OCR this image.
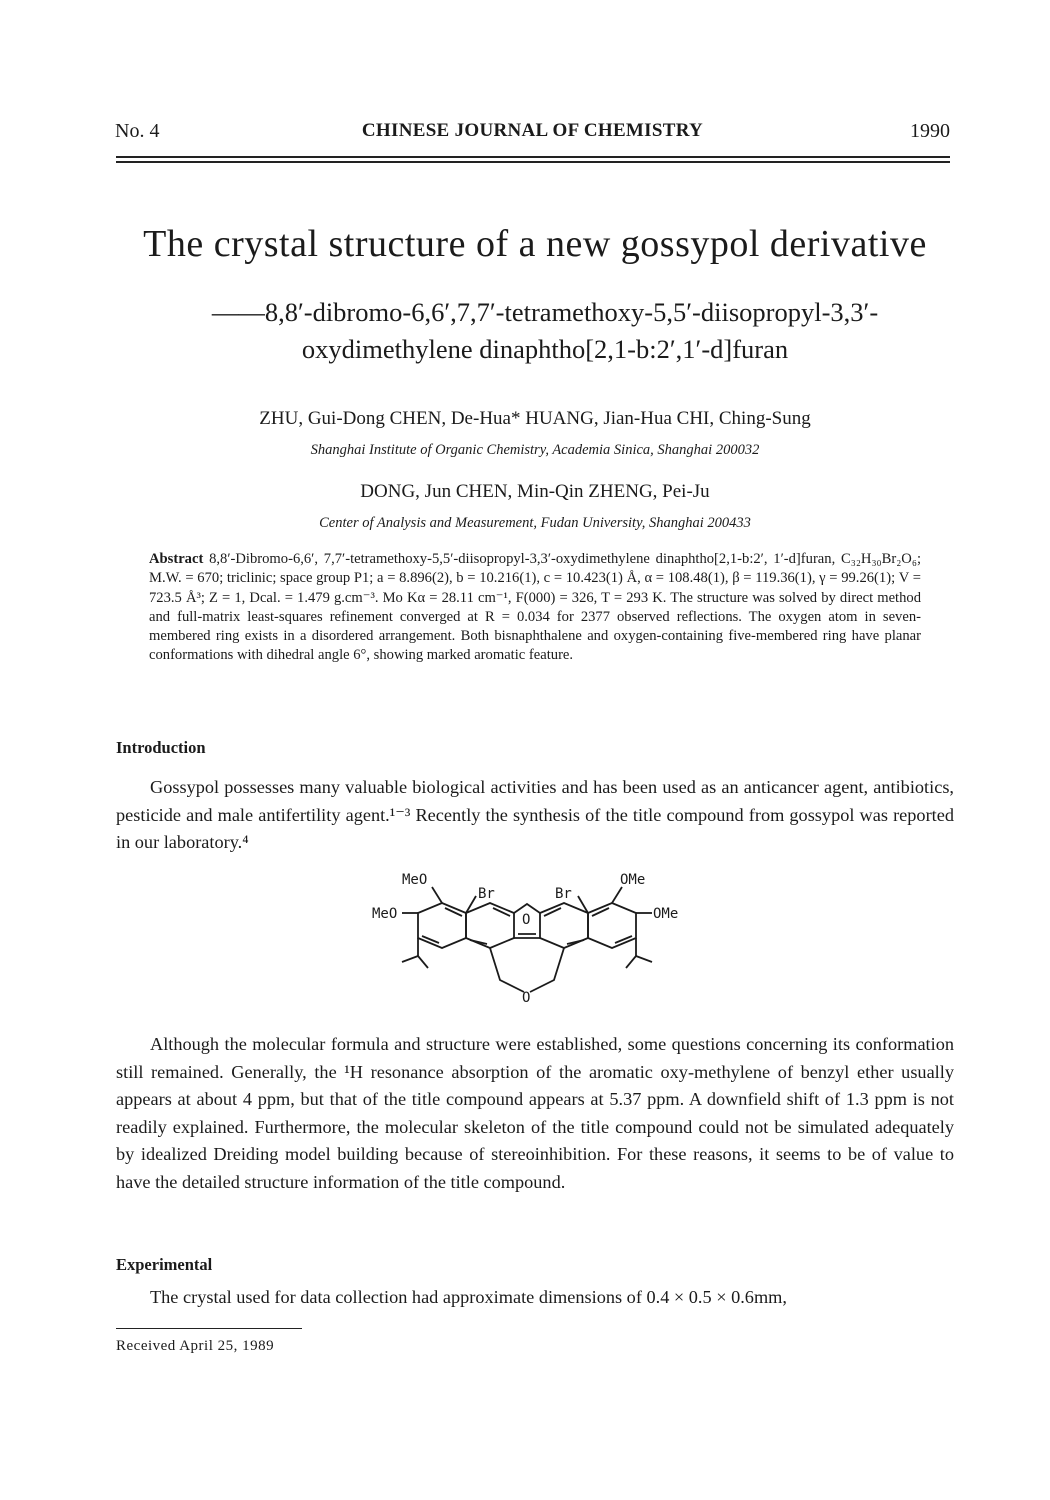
No. 4	CHINESE JOURNAL OF CHEMISTRY	1990
The crystal structure of a new gossypol derivative
——8,8′-dibromo-6,6′,7,7′-tetramethoxy-5,5′-diisopropyl-3,3′-
oxydimethylene dinaphtho[2,1-b:2′,1′-d]furan
ZHU, Gui-Dong CHEN, De-Hua* HUANG, Jian-Hua CHI, Ching-Sung
Shanghai Institute of Organic Chemistry, Academia Sinica, Shanghai 200032
DONG, Jun CHEN, Min-Qin ZHENG, Pei-Ju
Center of Analysis and Measurement, Fudan University, Shanghai 200433
Abstract 8,8′-Dibromo-6,6′, 7,7′-tetramethoxy-5,5′-diisopropyl-3,3′-oxydimethylene dinaphtho[2,1-b:2′, 1′-d]furan, C₃₂H₃₀Br₂O₆; M.W. = 670; triclinic; space group P1; a = 8.896(2), b = 10.216(1), c = 10.423(1) Å, α = 108.48(1), β = 119.36(1), γ = 99.26(1); V = 723.5 Å³; Z = 1, Dcal. = 1.479 g.cm⁻³. Mo Kα = 28.11 cm⁻¹, F(000) = 326, T = 293 K. The structure was solved by direct method and full-matrix least-squares refinement converged at R = 0.034 for 2377 observed reflections. The oxygen atom in seven-membered ring exists in a disordered arrangement. Both bisnaphthalene and oxygen-containing five-membered ring have planar conformations with dihedral angle 6°, showing marked aromatic feature.
Introduction

Gossypol possesses many valuable biological activities and has been used as an anticancer agent, antibiotics, pesticide and male antifertility agent.¹⁻³ Recently the synthesis of the title compound from gossypol was reported in our laboratory.⁴

MeO
MeO
Br	Br
OMe
OMe
O
O

Although the molecular formula and structure were established, some questions concerning its conformation still remained. Generally, the ¹H resonance absorption of the aromatic oxy-methylene of benzyl ether usually appears at about 4 ppm, but that of the title compound appears at 5.37 ppm. A downfield shift of 1.3 ppm is not readily explained. Furthermore, the molecular skeleton of the title compound could not be simulated adequately by idealized Dreiding model building because of stereoinhibition. For these reasons, it seems to be of value to have the detailed structure information of the title compound.

Experimental

The crystal used for data collection had approximate dimensions of 0.4 × 0.5 × 0.6mm,

Received April 25, 1989
